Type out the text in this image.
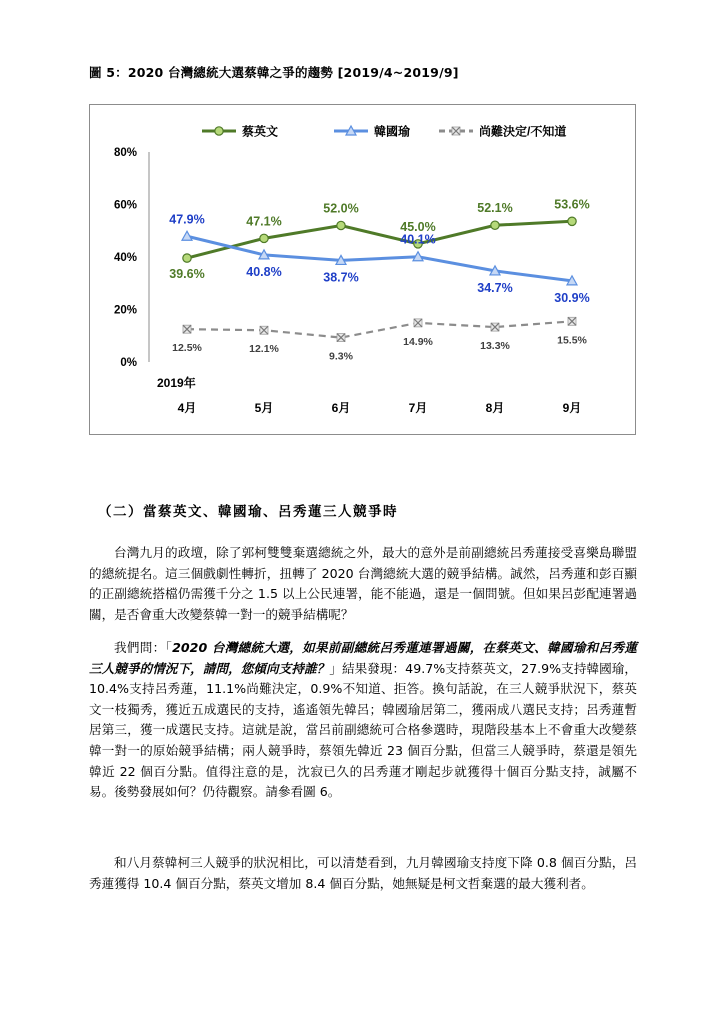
圖 5：2020 台灣總統大選蔡韓之爭的趨勢 [2019/4~2019/9]
0%
20%
40%
60%
80%
2019年
4月	5月	6月	7月	8月	9月
蔡英文	韓國瑜	尚難決定/不知道
39.6%
47.1%
52.0%
45.0%
52.1%	53.6%
47.9%
40.8%	38.7%
40.1%
34.7%
30.9%
12.5%	12.1%
9.3%
14.9%	13.3%	15.5%
（二）當蔡英文、韓國瑜、呂秀蓮三人競爭時

台灣九月的政壇，除了郭柯雙雙棄選總統之外，最大的意外是前副總統呂秀蓮接受喜樂島聯盟的總統提名。這三個戲劇性轉折，扭轉了 2020 台灣總統大選的競爭結構。誠然，呂秀蓮和彭百顯的正副總統搭檔仍需獲千分之 1.5 以上公民連署，能不能過，還是一個問號。但如果呂彭配連署過關，是否會重大改變蔡韓一對一的競爭結構呢？

我們問：「2020 台灣總統大選，如果前副總統呂秀蓮連署過關，在蔡英文、韓國瑜和呂秀蓮三人競爭的情況下，請問，您傾向支持誰？」結果發現：49.7%支持蔡英文，27.9%支持韓國瑜，10.4%支持呂秀蓮，11.1%尚難決定，0.9%不知道、拒答。換句話說，在三人競爭狀況下，蔡英文一枝獨秀，獲近五成選民的支持，遙遙領先韓呂；韓國瑜居第二，獲兩成八選民支持；呂秀蓮暫居第三，獲一成選民支持。這就是說，當呂前副總統可合格參選時，現階段基本上不會重大改變蔡韓一對一的原始競爭結構；兩人競爭時，蔡領先韓近 23 個百分點，但當三人競爭時，蔡還是領先韓近 22 個百分點。值得注意的是，沈寂已久的呂秀蓮才剛起步就獲得十個百分點支持，誠屬不易。後勢發展如何？仍待觀察。請參看圖 6。

和八月蔡韓柯三人競爭的狀況相比，可以清楚看到，九月韓國瑜支持度下降 0.8 個百分點，呂秀蓮獲得 10.4 個百分點，蔡英文增加 8.4 個百分點，她無疑是柯文哲棄選的最大獲利者。
